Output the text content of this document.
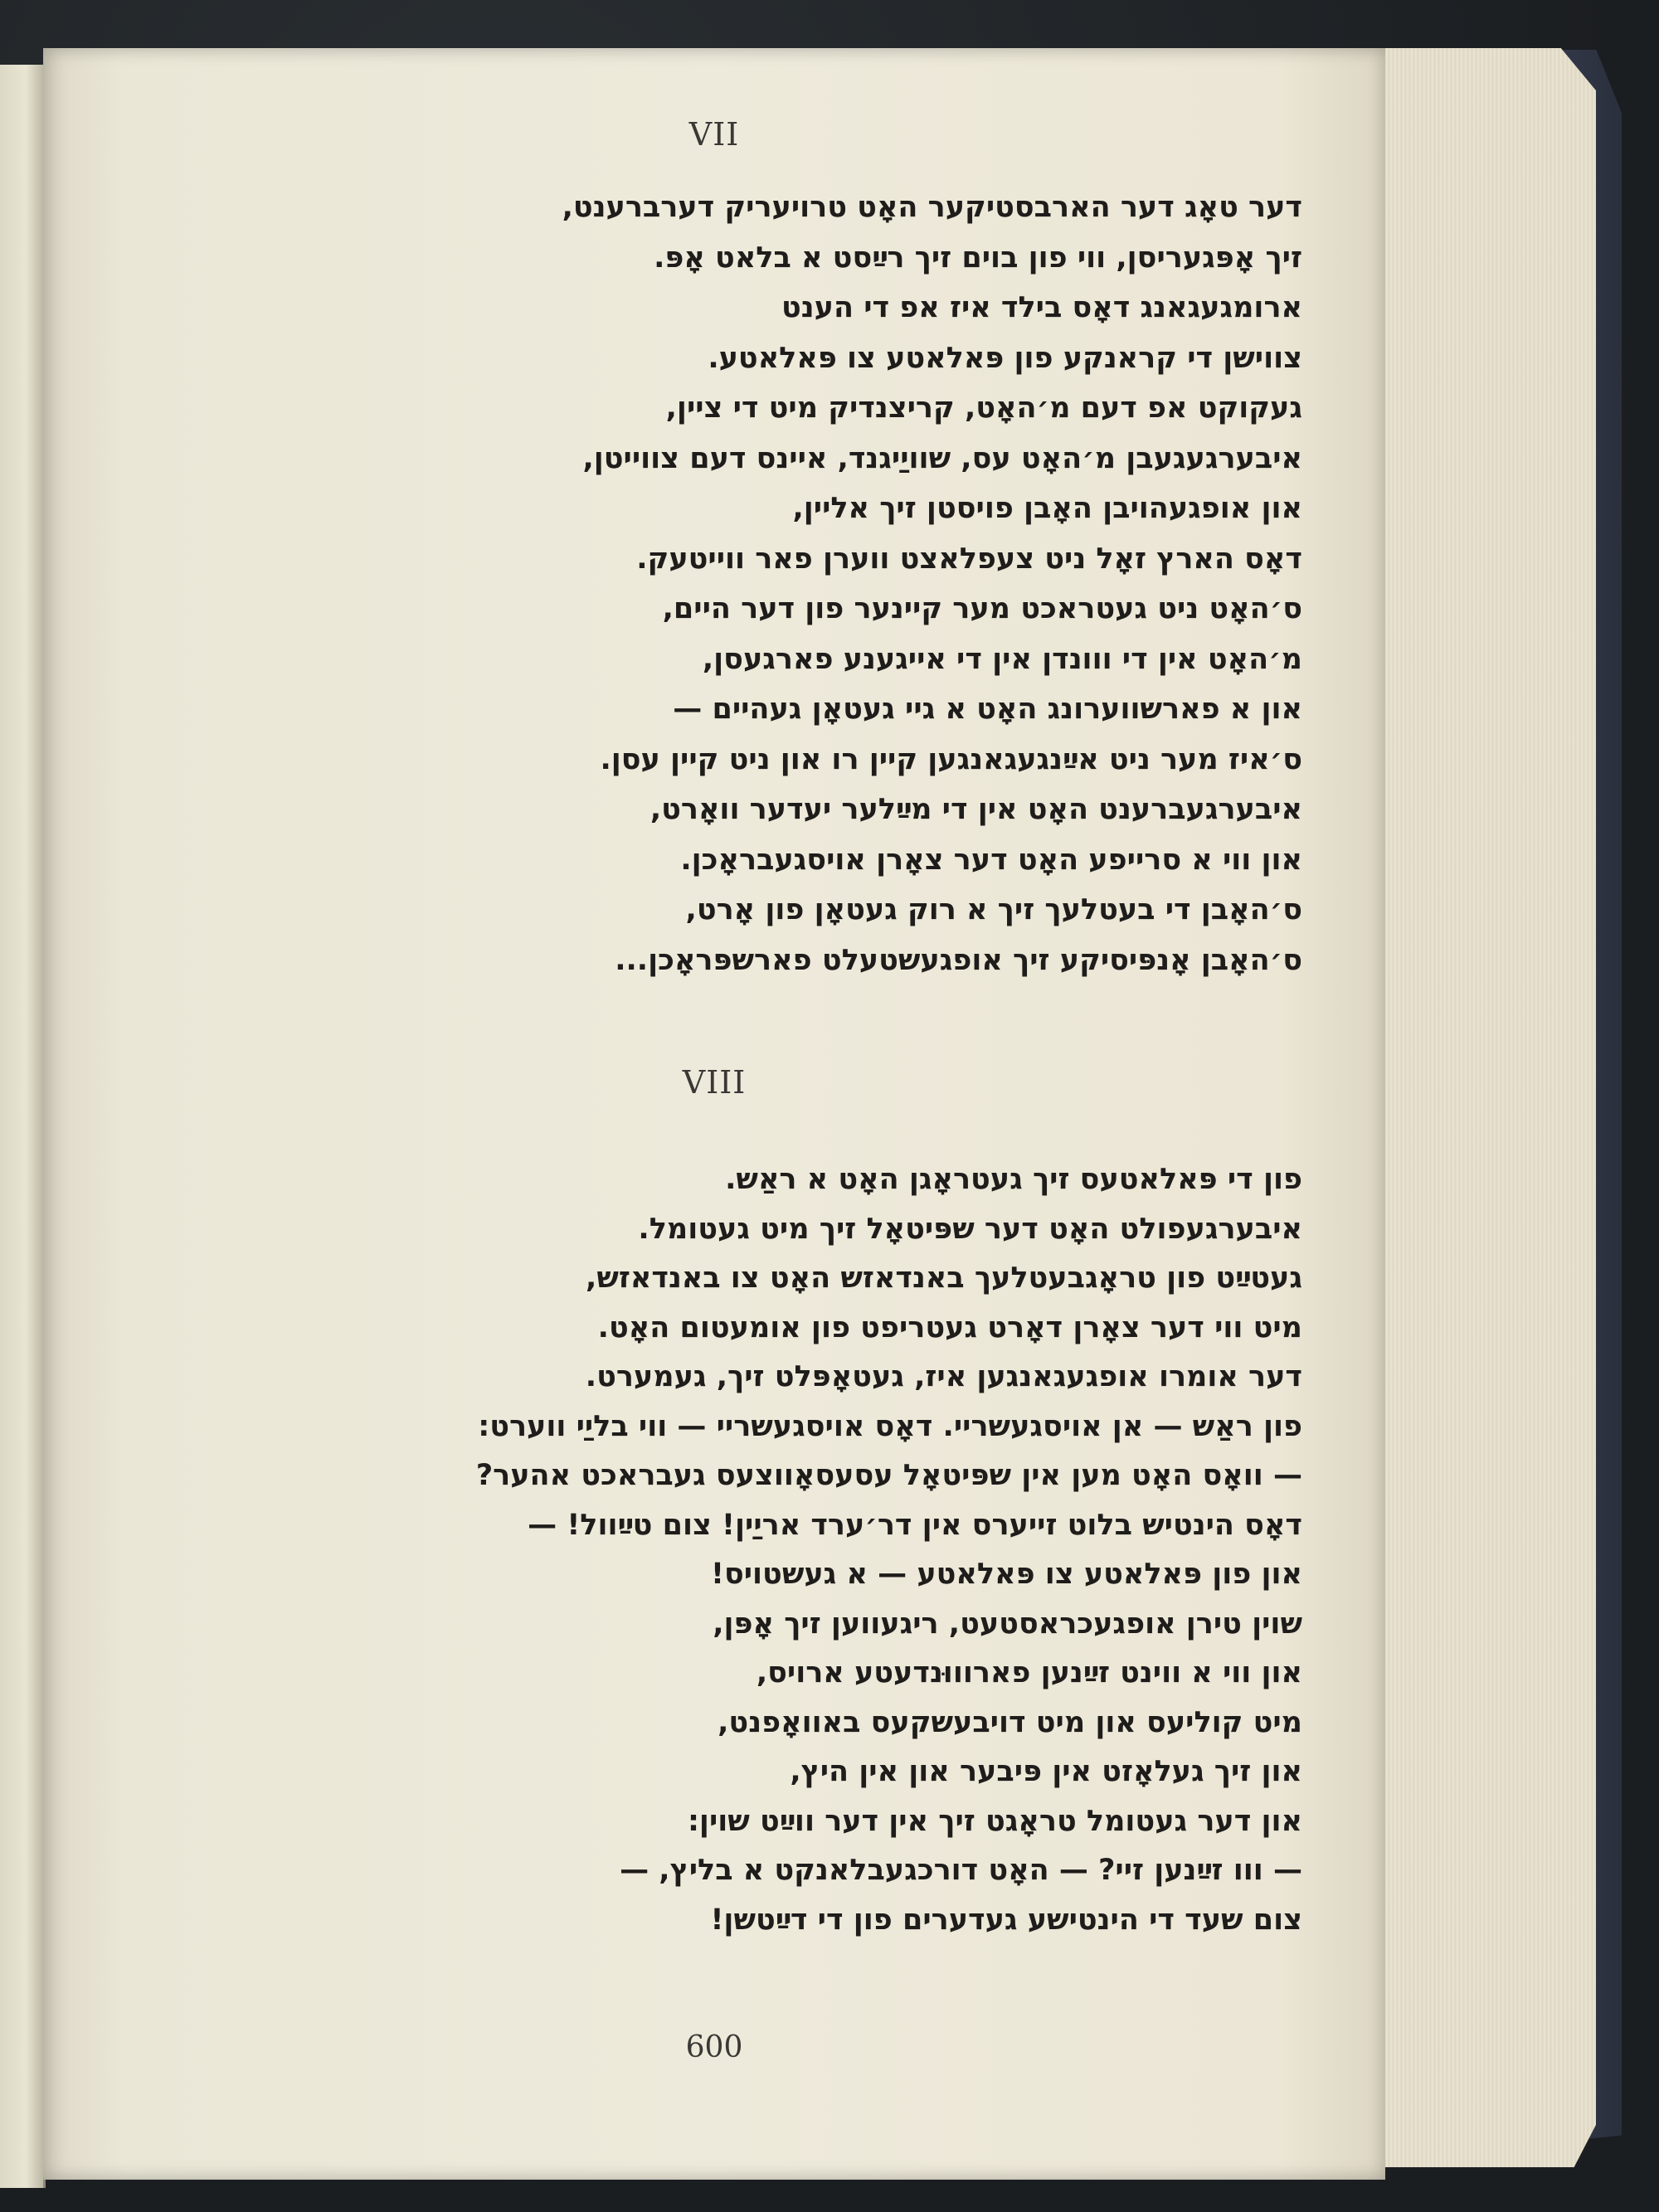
VII
דער טאָג דער הארבסטיקער האָט טרויעריק דערברענט,
זיך אָפּגעריסן, ווי פון בוים זיך רײַסט א בלאט אָפּ.
ארומגעגאנג דאָס בילד איז אפ די הענט
צווישן די קראנקע פון פּאלאטע צו פּאלאטע.
געקוקט אפ דעם מ׳האָט, קריצנדיק מיט די ציין,
איבערגעגעבן מ׳האָט עס, שוויַיגנד, איינס דעם צווייטן,
און אופגעהויבן האָבן פויסטן זיך אליין,
דאָס הארץ זאָל ניט צעפלאצט ווערן פאר ווייטעק.
ס׳האָט ניט געטראכט מער קיינער פון דער היים,
מ׳האָט אין די ווונדן אין די אייגענע פארגעסן,
און א פארשווערונג האָט א גיי געטאָן געהיים —
ס׳איז מער ניט אײַנגעגאנגען קיין רו און ניט קיין עסן.
איבערגעברענט האָט אין די מײַלער יעדער וואָרט,
און ווי א סרייפע האָט דער צאָרן אויסגעבראָכן.
ס׳האָבן די בעטלעך זיך א רוק געטאָן פון אָרט,
ס׳האָבן אָנפּיסיקע זיך אופגעשטעלט פארשפּראָכן...
VIII
פון די פּאלאטעס זיך געטראָגן האָט א ראַש.
איבערגעפולט האָט דער שפּיטאָל זיך מיט געטומל.
געטײַט פון טראָגבעטלעך באנדאזש האָט צו באנדאזש,
מיט ווי דער צאָרן דאָרט געטריפט פון אומעטום האָט.
דער אומרו אופגעגאנגען איז, געטאָפּלט זיך, געמערט.
פון ראַש — אן אויסגעשריי. דאָס אויסגעשריי — ווי בליַי ווערט:
— וואָס האָט מען אין שפּיטאָל עסעסאָווצעס געבראכט אהער?
דאָס הינטיש בלוט זייערס אין דר׳ערד אריַין! צום טײַוול! —
און פון פּאלאטע צו פּאלאטע — א געשטויס!
שוין טירן אופגעכראסטעט, ריגעווען זיך אָפּן,
און ווי א ווינט זײַנען פארוווּנדעטע ארויס,
מיט קוליעס און מיט דויבעשקעס באוואָפנט,
און זיך געלאָזט אין פּיבער און אין היץ,
און דער געטומל טראָגט זיך אין דער ווײַט שוין:
— ווו זײַנען זיי? — האָט דורכגעבלאנקט א בליץ, —
צום שעד די הינטישע געדערים פון די דײַטשן!
600
